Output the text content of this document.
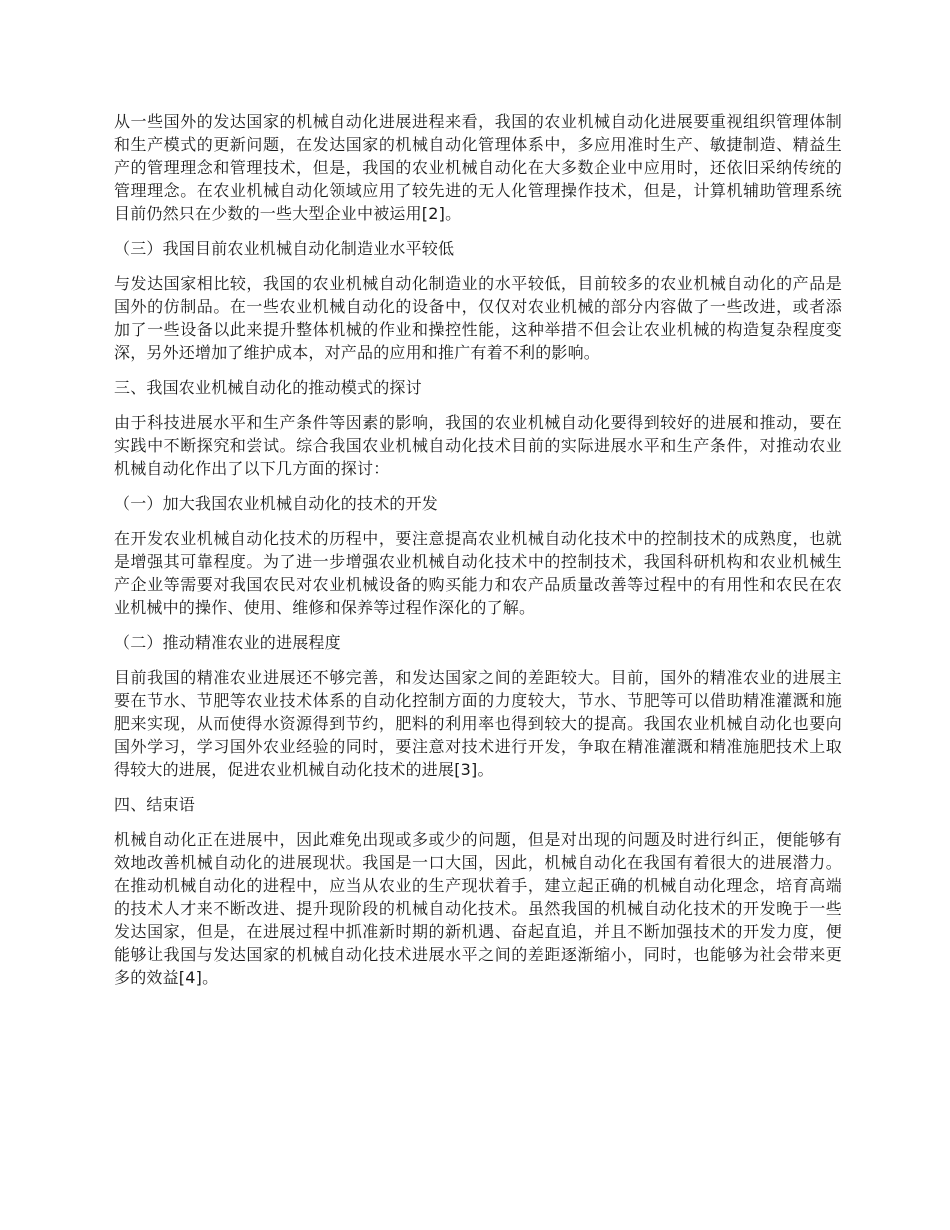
从一些国外的发达国家的机械自动化进展进程来看，我国的农业机械自动化进展要重视组织管理体制和生产模式的更新问题，在发达国家的机械自动化管理体系中，多应用准时生产、敏捷制造、精益生产的管理理念和管理技术，但是，我国的农业机械自动化在大多数企业中应用时，还依旧采纳传统的管理理念。在农业机械自动化领域应用了较先进的无人化管理操作技术，但是，计算机辅助管理系统目前仍然只在少数的一些大型企业中被运用[2]。

（三）我国目前农业机械自动化制造业水平较低

与发达国家相比较，我国的农业机械自动化制造业的水平较低，目前较多的农业机械自动化的产品是国外的仿制品。在一些农业机械自动化的设备中，仅仅对农业机械的部分内容做了一些改进，或者添加了一些设备以此来提升整体机械的作业和操控性能，这种举措不但会让农业机械的构造复杂程度变深，另外还增加了维护成本，对产品的应用和推广有着不利的影响。

三、我国农业机械自动化的推动模式的探讨

由于科技进展水平和生产条件等因素的影响，我国的农业机械自动化要得到较好的进展和推动，要在实践中不断探究和尝试。综合我国农业机械自动化技术目前的实际进展水平和生产条件，对推动农业机械自动化作出了以下几方面的探讨：

（一）加大我国农业机械自动化的技术的开发

在开发农业机械自动化技术的历程中，要注意提高农业机械自动化技术中的控制技术的成熟度，也就是增强其可靠程度。为了进一步增强农业机械自动化技术中的控制技术，我国科研机构和农业机械生产企业等需要对我国农民对农业机械设备的购买能力和农产品质量改善等过程中的有用性和农民在农业机械中的操作、使用、维修和保养等过程作深化的了解。

（二）推动精准农业的进展程度

目前我国的精准农业进展还不够完善，和发达国家之间的差距较大。目前，国外的精准农业的进展主要在节水、节肥等农业技术体系的自动化控制方面的力度较大，节水、节肥等可以借助精准灌溉和施肥来实现，从而使得水资源得到节约，肥料的利用率也得到较大的提高。我国农业机械自动化也要向国外学习，学习国外农业经验的同时，要注意对技术进行开发，争取在精准灌溉和精准施肥技术上取得较大的进展，促进农业机械自动化技术的进展[3]。

四、结束语

机械自动化正在进展中，因此难免出现或多或少的问题，但是对出现的问题及时进行纠正，便能够有效地改善机械自动化的进展现状。我国是一口大国，因此，机械自动化在我国有着很大的进展潜力。在推动机械自动化的进程中，应当从农业的生产现状着手，建立起正确的机械自动化理念，培育高端的技术人才来不断改进、提升现阶段的机械自动化技术。虽然我国的机械自动化技术的开发晚于一些发达国家，但是，在进展过程中抓准新时期的新机遇、奋起直追，并且不断加强技术的开发力度，便能够让我国与发达国家的机械自动化技术进展水平之间的差距逐渐缩小，同时，也能够为社会带来更多的效益[4]。
